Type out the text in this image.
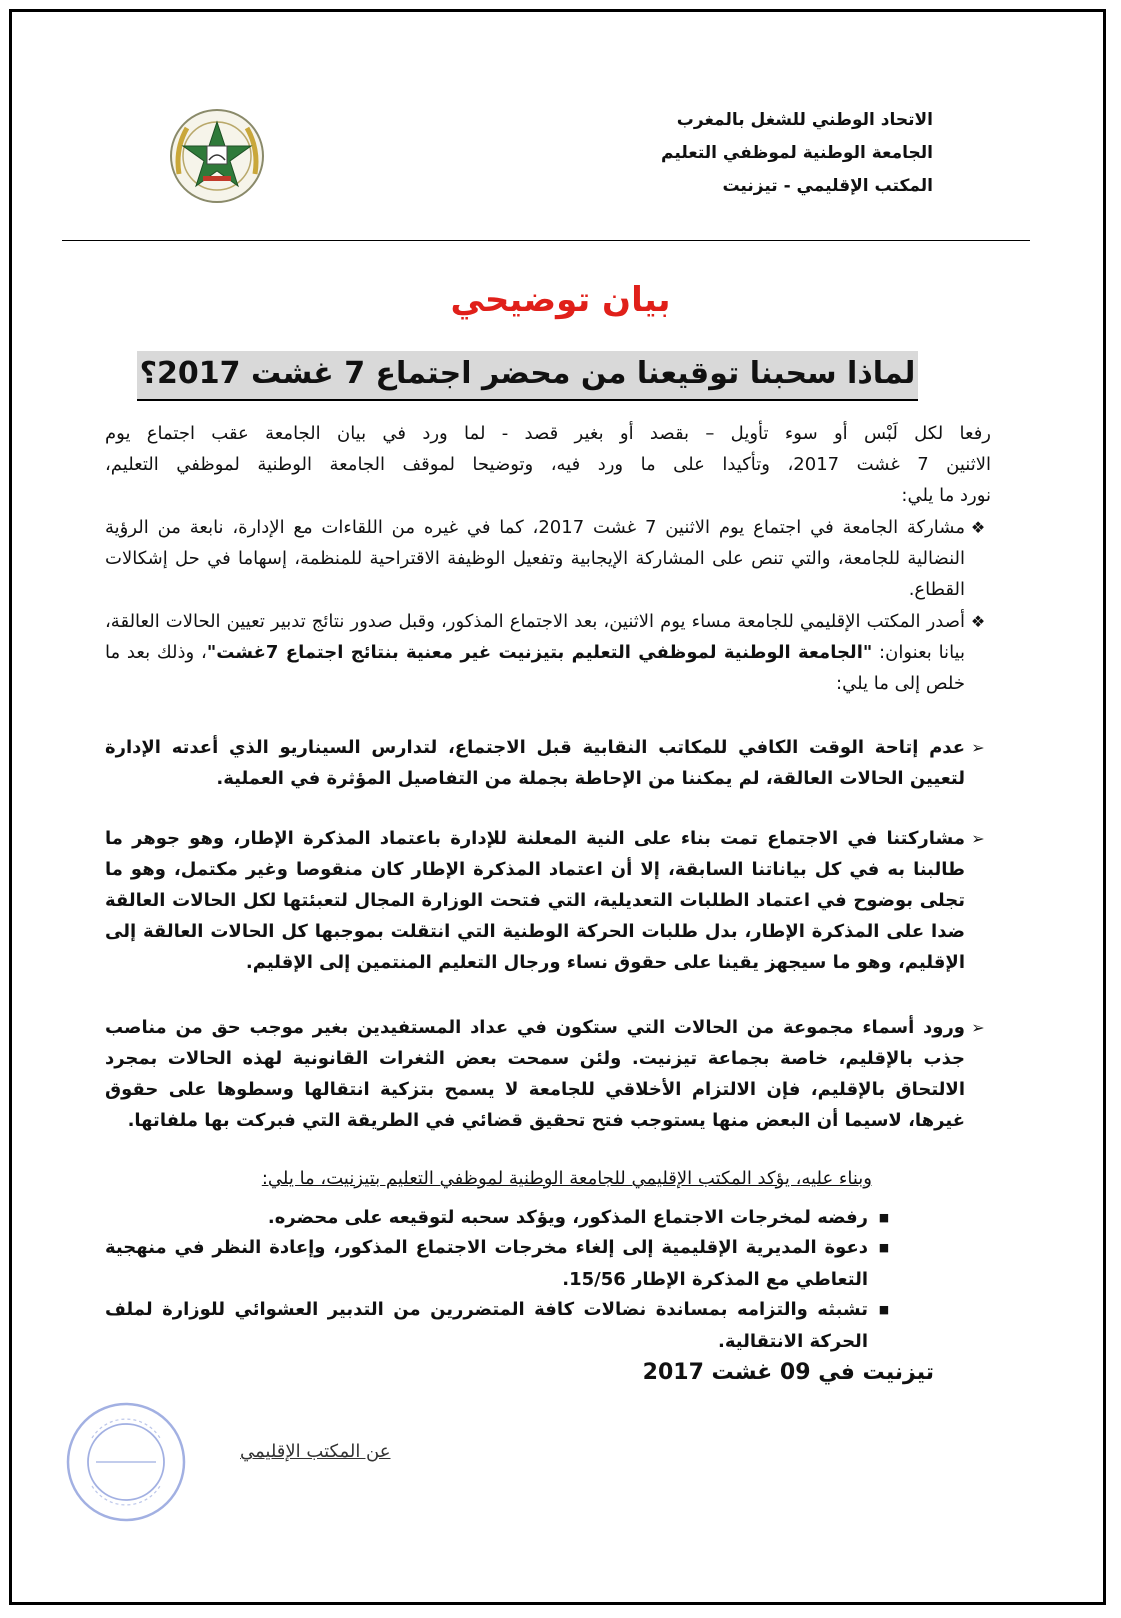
الاتحاد الوطني للشغل بالمغرب
الجامعة الوطنية لموظفي التعليم
المكتب الإقليمي - تيزنيت
بيان توضيحي
لماذا سحبنا توقيعنا من محضر اجتماع 7 غشت 2017؟
رفعا لكل لَبْس أو سوء تأويل – بقصد أو بغير قصد - لما ورد في بيان الجامعة عقب اجتماع يوم
الاثنين 7 غشت 2017، وتأكيدا على ما ورد فيه، وتوضيحا لموقف الجامعة الوطنية لموظفي التعليم،
نورد ما يلي:
❖
مشاركة الجامعة في اجتماع يوم الاثنين 7 غشت 2017، كما في غيره من اللقاءات مع الإدارة، نابعة من الرؤية النضالية للجامعة، والتي تنص على المشاركة الإيجابية وتفعيل الوظيفة الاقتراحية للمنظمة، إسهاما في حل إشكالات القطاع.
❖
أصدر المكتب الإقليمي للجامعة مساء يوم الاثنين، بعد الاجتماع المذكور، وقبل صدور نتائج تدبير تعيين الحالات العالقة، بيانا بعنوان: "الجامعة الوطنية لموظفي التعليم بتيزنيت غير معنية بنتائج اجتماع 7غشت"، وذلك بعد ما خلص إلى ما يلي:
➢
عدم إتاحة الوقت الكافي للمكاتب النقابية قبل الاجتماع، لتدارس السيناريو الذي أعدته الإدارة لتعيين الحالات العالقة، لم يمكننا من الإحاطة بجملة من التفاصيل المؤثرة في العملية.
➢
مشاركتنا في الاجتماع تمت بناء على النية المعلنة للإدارة باعتماد المذكرة الإطار، وهو جوهر ما طالبنا به في كل بياناتنا السابقة، إلا أن اعتماد المذكرة الإطار كان منقوصا وغير مكتمل، وهو ما تجلى بوضوح في اعتماد الطلبات التعديلية، التي فتحت الوزارة المجال لتعبئتها لكل الحالات العالقة ضدا على المذكرة الإطار، بدل طلبات الحركة الوطنية التي انتقلت بموجبها كل الحالات العالقة إلى الإقليم، وهو ما سيجهز يقينا على حقوق نساء ورجال التعليم المنتمين إلى الإقليم.
➢
ورود أسماء مجموعة من الحالات التي ستكون في عداد المستفيدين بغير موجب حق من مناصب جذب بالإقليم، خاصة بجماعة تيزنيت. ولئن سمحت بعض الثغرات القانونية لهذه الحالات بمجرد الالتحاق بالإقليم، فإن الالتزام الأخلاقي للجامعة لا يسمح بتزكية انتقالها وسطوها على حقوق غيرها، لاسيما أن البعض منها يستوجب فتح تحقيق قضائي في الطريقة التي فبركت بها ملفاتها.
وبناء عليه، يؤكد المكتب الإقليمي للجامعة الوطنية لموظفي التعليم بتيزنيت، ما يلي:
■
رفضه لمخرجات الاجتماع المذكور، ويؤكد سحبه لتوقيعه على محضره.
■
دعوة المديرية الإقليمية إلى إلغاء مخرجات الاجتماع المذكور، وإعادة النظر في منهجية التعاطي مع المذكرة الإطار 15/56.
■
تشبثه والتزامه بمساندة نضالات كافة المتضررين من التدبير العشوائي للوزارة لملف الحركة الانتقالية.
تيزنيت في 09 غشت 2017
عن المكتب الإقليمي
